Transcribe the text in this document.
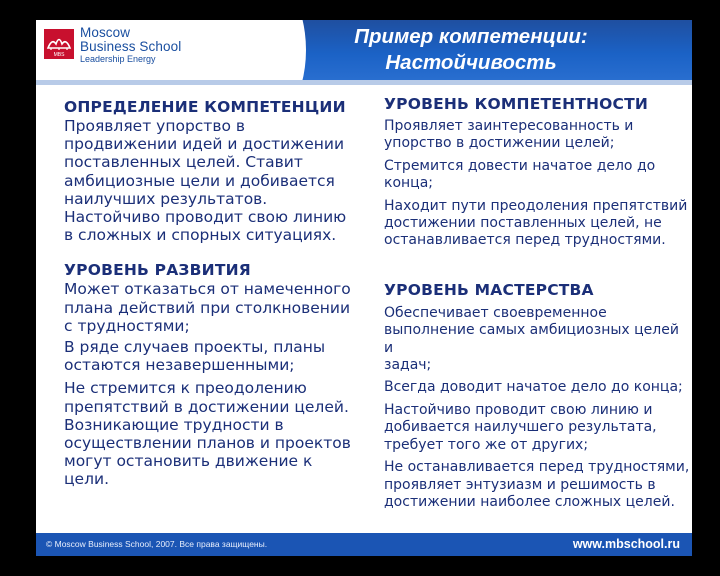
MBS
Moscow
Business School
Leadership Energy
Пример компетенции:
Настойчивость

ОПРЕДЕЛЕНИЕ КОМПЕТЕНЦИИ

Проявляет упорство в
продвижении идей и достижении
поставленных целей. Ставит
амбициозные цели и добивается
наилучших результатов.
Настойчиво проводит свою линию
в сложных и спорных ситуациях.

УРОВЕНЬ РАЗВИТИЯ

Может отказаться от намеченного
плана действий при столкновении
с трудностями;
В ряде случаев проекты, планы
остаются незавершенными;
Не стремится к преодолению
препятствий в достижении целей.
Возникающие трудности в
осуществлении планов и проектов
могут остановить движение к
цели.

УРОВЕНЬ КОМПЕТЕНТНОСТИ

Проявляет заинтересованность и
упорство в достижении целей;
Стремится довести начатое дело до
конца;
Находит пути преодоления препятствий
достижении поставленных целей, не
останавливается перед трудностями.

УРОВЕНЬ МАСТЕРСТВА

Обеспечивает своевременное
выполнение самых амбициозных целей и
задач;
Всегда доводит начатое дело до конца;
Настойчиво проводит свою линию и
добивается наилучшего результата,
требует того же от других;
Не останавливается перед трудностями,
проявляет энтузиазм и решимость в
достижении наиболее сложных целей.
© Moscow Business School, 2007. Все права защищены.	www.mbschool.ru
